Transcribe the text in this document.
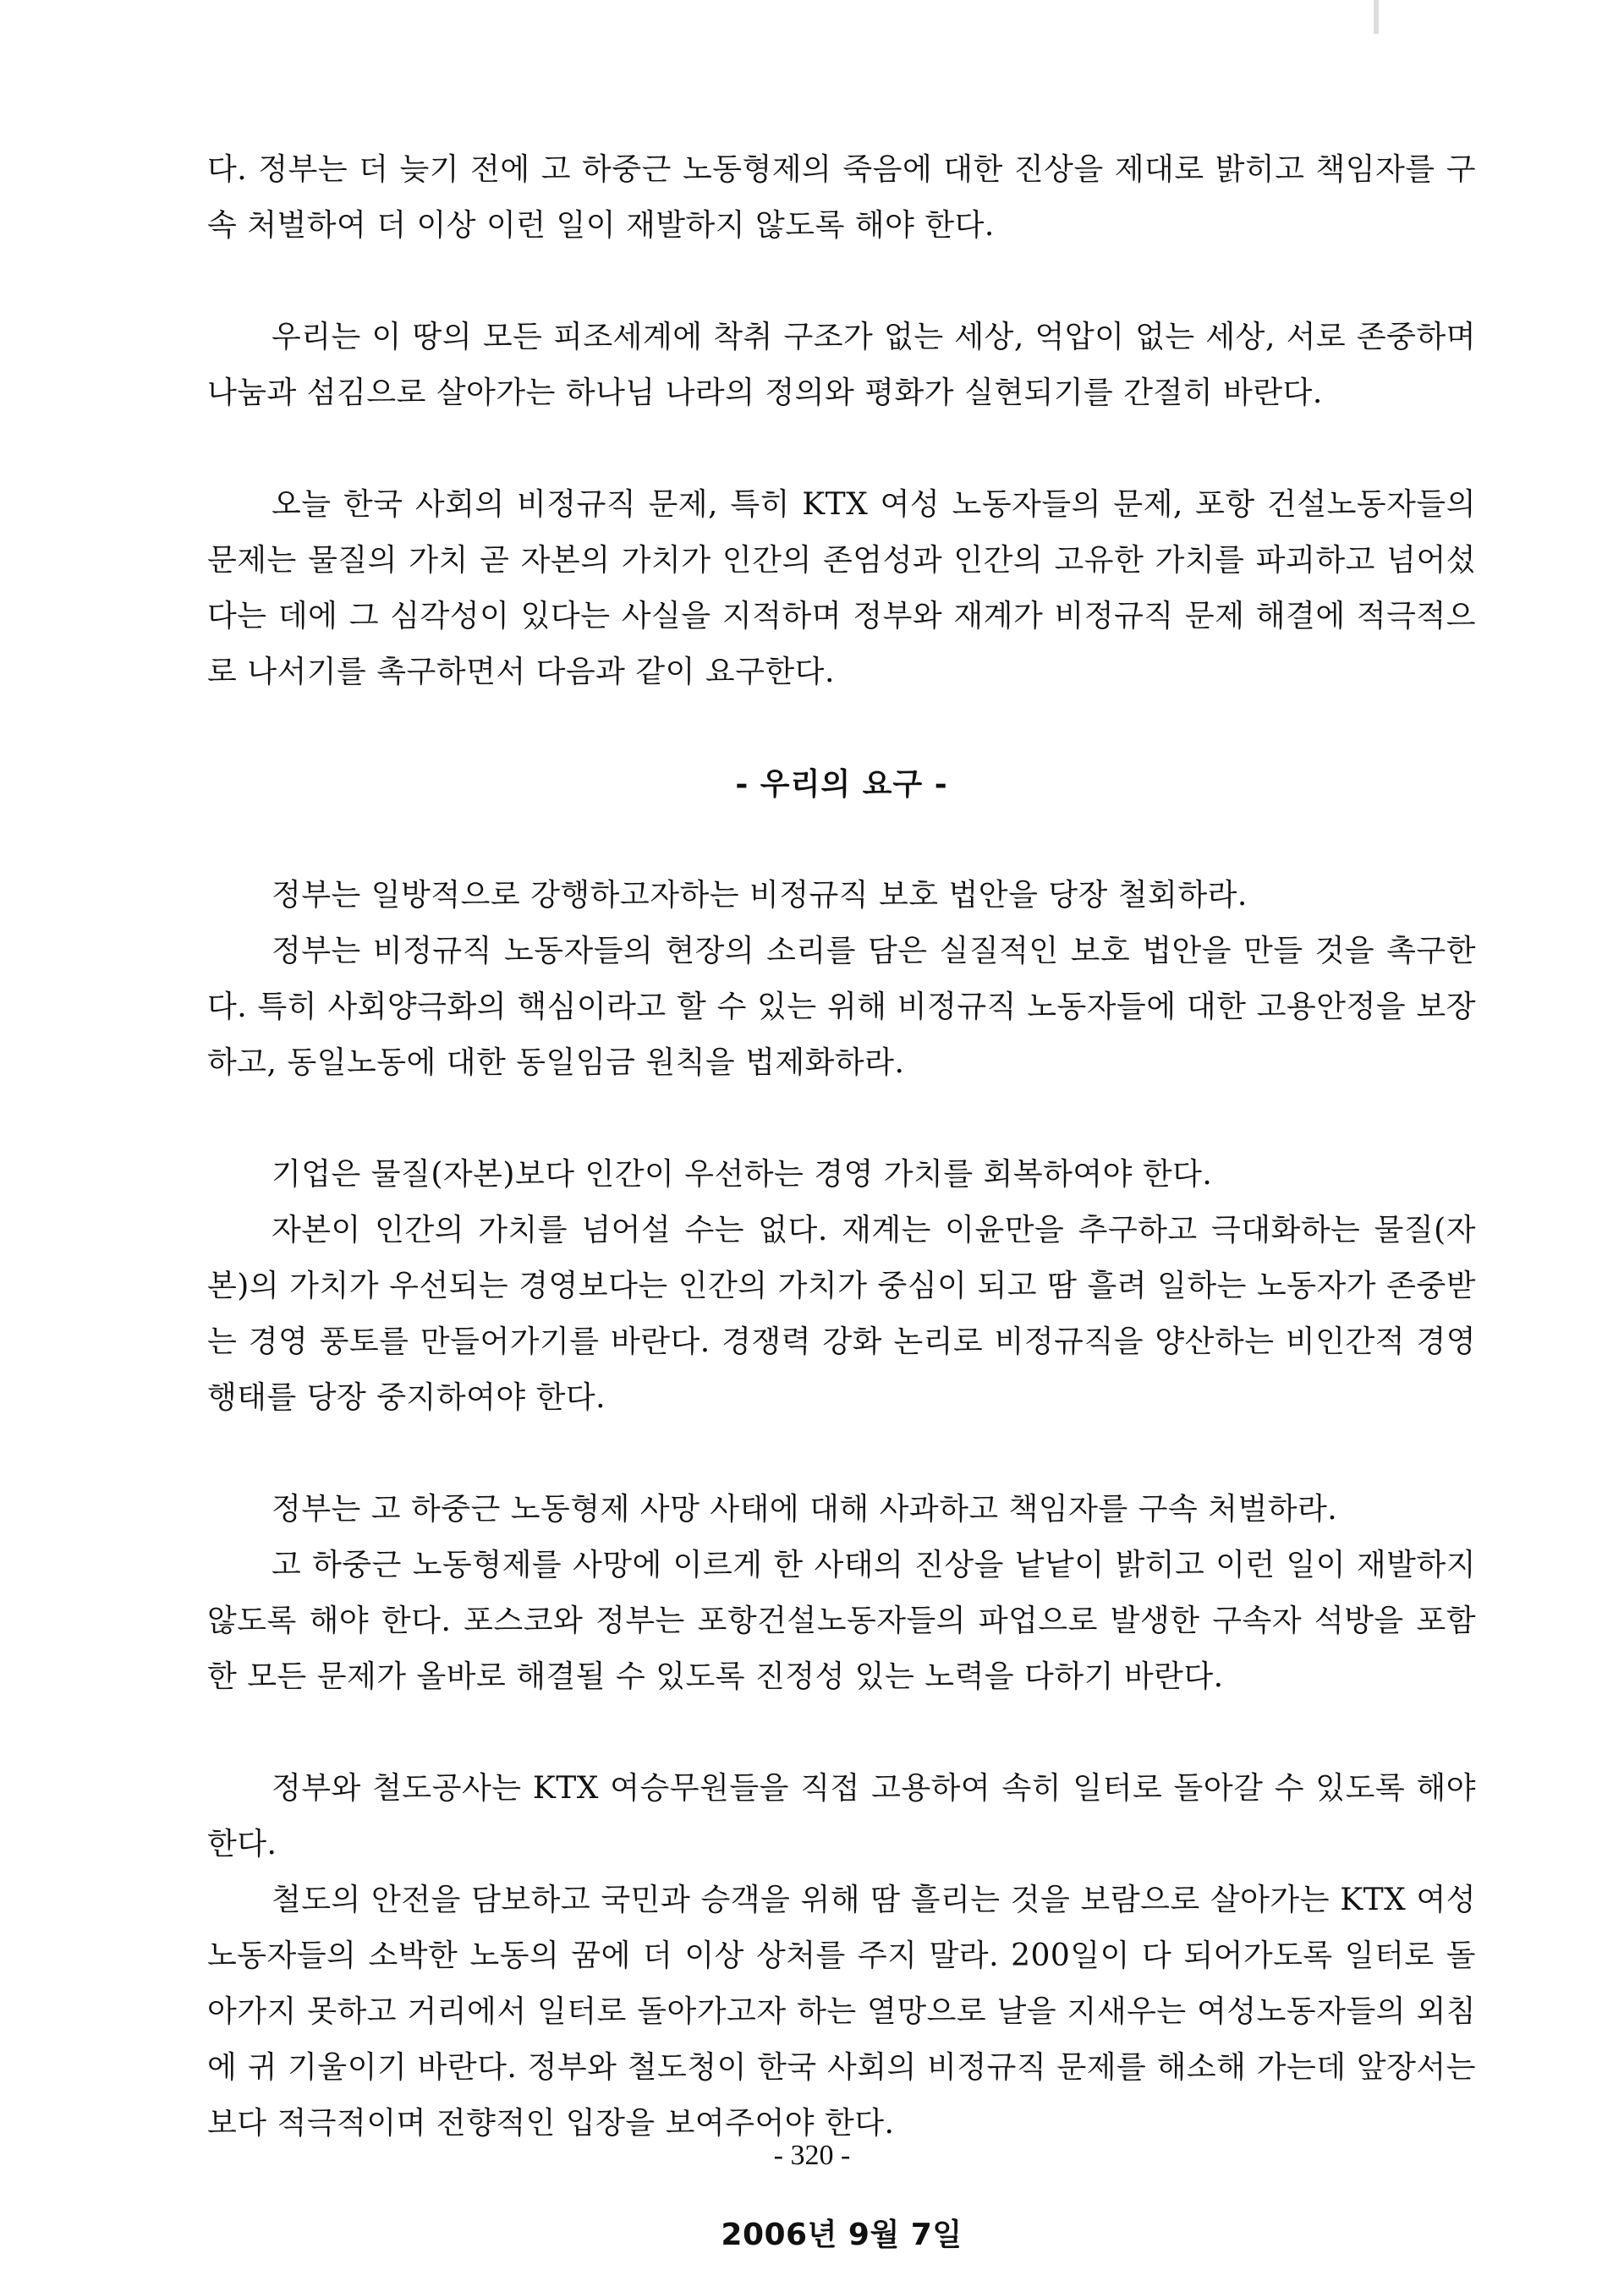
다. 정부는 더 늦기 전에 고 하중근 노동형제의 죽음에 대한 진상을 제대로 밝히고 책임자를 구속 처벌하여 더 이상 이런 일이 재발하지 않도록 해야 한다.

우리는 이 땅의 모든 피조세계에 착취 구조가 없는 세상, 억압이 없는 세상, 서로 존중하며 나눔과 섬김으로 살아가는 하나님 나라의 정의와 평화가 실현되기를 간절히 바란다.

오늘 한국 사회의 비정규직 문제, 특히 KTX 여성 노동자들의 문제, 포항 건설노동자들의 문제는 물질의 가치 곧 자본의 가치가 인간의 존엄성과 인간의 고유한 가치를 파괴하고 넘어섰다는 데에 그 심각성이 있다는 사실을 지적하며 정부와 재계가 비정규직 문제 해결에 적극적으로 나서기를 촉구하면서 다음과 같이 요구한다.

- 우리의 요구 -

정부는 일방적으로 강행하고자하는 비정규직 보호 법안을 당장 철회하라.

정부는 비정규직 노동자들의 현장의 소리를 담은 실질적인 보호 법안을 만들 것을 촉구한다. 특히 사회양극화의 핵심이라고 할 수 있는 위해 비정규직 노동자들에 대한 고용안정을 보장하고, 동일노동에 대한 동일임금 원칙을 법제화하라.

기업은 물질(자본)보다 인간이 우선하는 경영 가치를 회복하여야 한다.

자본이 인간의 가치를 넘어설 수는 없다. 재계는 이윤만을 추구하고 극대화하는 물질(자본)의 가치가 우선되는 경영보다는 인간의 가치가 중심이 되고 땀 흘려 일하는 노동자가 존중받는 경영 풍토를 만들어가기를 바란다. 경쟁력 강화 논리로 비정규직을 양산하는 비인간적 경영 행태를 당장 중지하여야 한다.

정부는 고 하중근 노동형제 사망 사태에 대해 사과하고 책임자를 구속 처벌하라.

고 하중근 노동형제를 사망에 이르게 한 사태의 진상을 낱낱이 밝히고 이런 일이 재발하지 않도록 해야 한다. 포스코와 정부는 포항건설노동자들의 파업으로 발생한 구속자 석방을 포함한 모든 문제가 올바로 해결될 수 있도록 진정성 있는 노력을 다하기 바란다.

정부와 철도공사는 KTX 여승무원들을 직접 고용하여 속히 일터로 돌아갈 수 있도록 해야 한다.

철도의 안전을 담보하고 국민과 승객을 위해 땀 흘리는 것을 보람으로 살아가는 KTX 여성 노동자들의 소박한 노동의 꿈에 더 이상 상처를 주지 말라. 200일이 다 되어가도록 일터로 돌아가지 못하고 거리에서 일터로 돌아가고자 하는 열망으로 날을 지새우는 여성노동자들의 외침에 귀 기울이기 바란다. 정부와 철도청이 한국 사회의 비정규직 문제를 해소해 가는데 앞장서는 보다 적극적이며 전향적인 입장을 보여주어야 한다.

2006년 9월 7일

- 320 -
